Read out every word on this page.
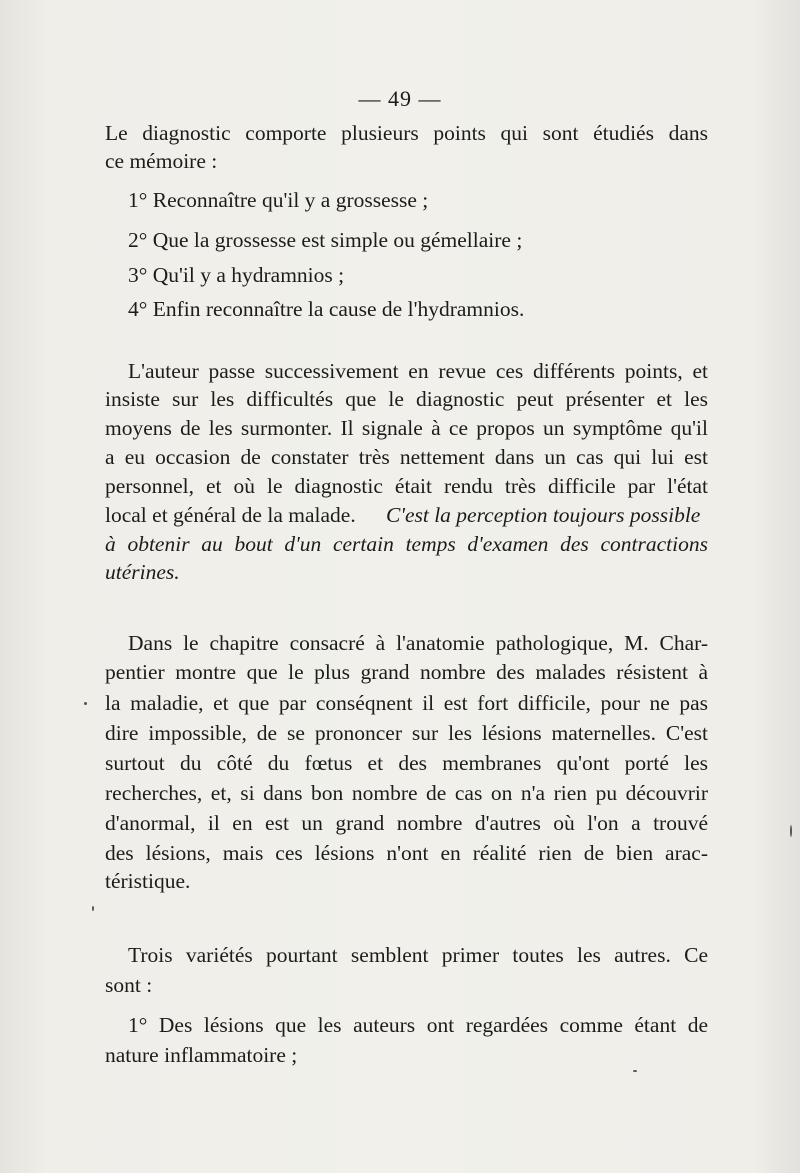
— 49 —
Le diagnostic comporte plusieurs points qui sont étudiés dans
ce mémoire :
1° Reconnaître qu'il y a grossesse ;
2° Que la grossesse est simple ou gémellaire ;
3° Qu'il y a hydramnios ;
4° Enfin reconnaître la cause de l'hydramnios.
L'auteur passe successivement en revue ces différents points, et
insiste sur les difficultés que le diagnostic peut présenter et les
moyens de les surmonter. Il signale à ce propos un symptôme qu'il
a eu occasion de constater très nettement dans un cas qui lui est
personnel, et où le diagnostic était rendu très difficile par l'état
local et général de la malade. C'est la perception toujours possible
à obtenir au bout d'un certain temps d'examen des contractions
utérines.
Dans le chapitre consacré à l'anatomie pathologique, M. Char-
pentier montre que le plus grand nombre des malades résistent à
la maladie, et que par conséqnent il est fort difficile, pour ne pas
dire impossible, de se prononcer sur les lésions maternelles. C'est
surtout du côté du fœtus et des membranes qu'ont porté les
recherches, et, si dans bon nombre de cas on n'a rien pu découvrir
d'anormal, il en est un grand nombre d'autres où l'on a trouvé
des lésions, mais ces lésions n'ont en réalité rien de bien arac-
téristique.
Trois variétés pourtant semblent primer toutes les autres. Ce
sont :
1° Des lésions que les auteurs ont regardées comme étant de
nature inflammatoire ;
